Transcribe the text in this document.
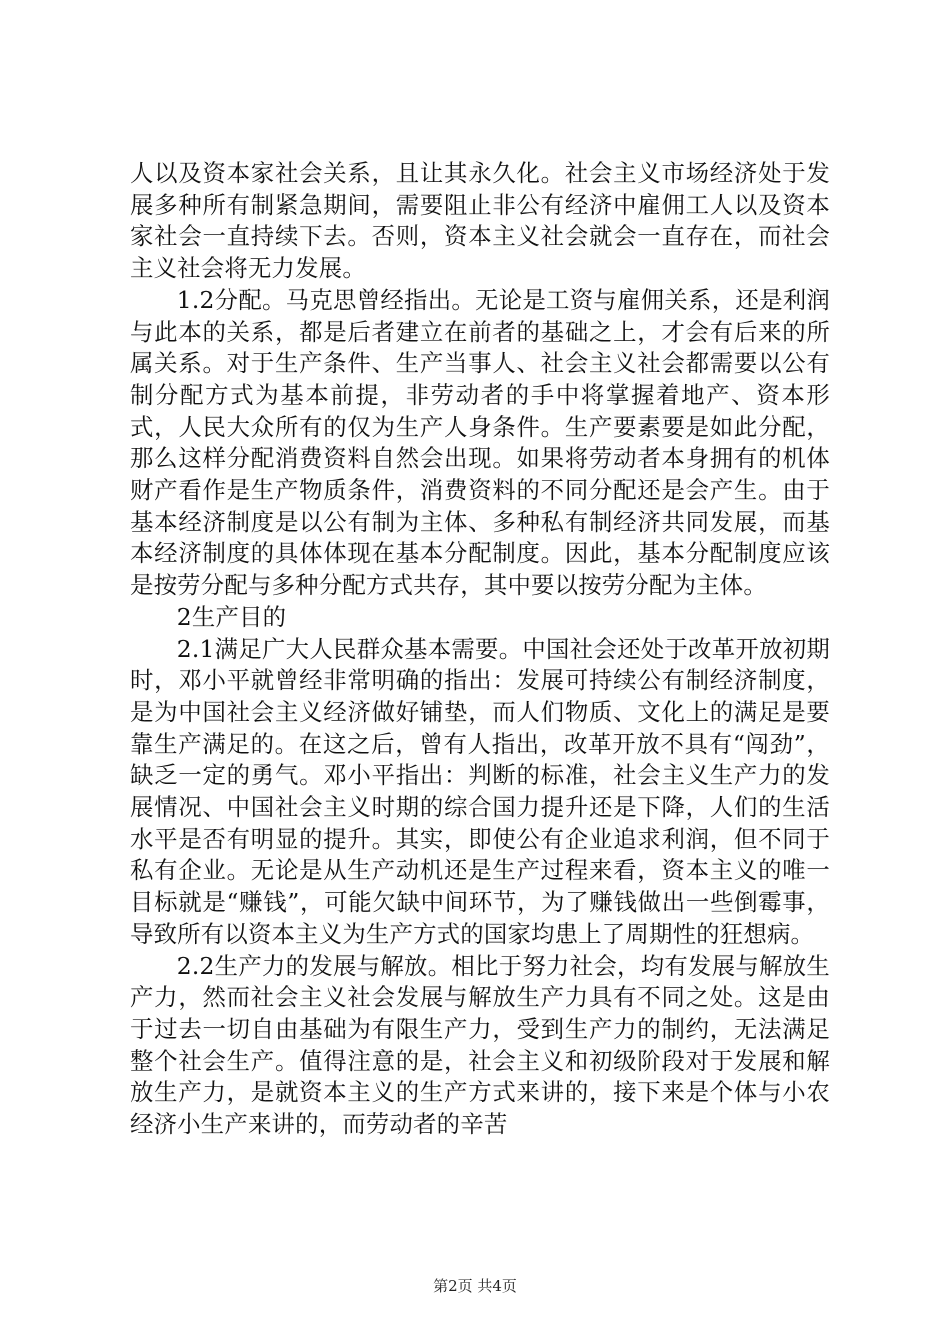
人以及资本家社会关系，且让其永久化。社会主义市场经济处于发展多种所有制紧急期间，需要阻止非公有经济中雇佣工人以及资本家社会一直持续下去。否则，资本主义社会就会一直存在，而社会主义社会将无力发展。

1.2分配。马克思曾经指出。无论是工资与雇佣关系，还是利润与此本的关系，都是后者建立在前者的基础之上，才会有后来的所属关系。对于生产条件、生产当事人、社会主义社会都需要以公有制分配方式为基本前提，非劳动者的手中将掌握着地产、资本形式，人民大众所有的仅为生产人身条件。生产要素要是如此分配，那么这样分配消费资料自然会出现。如果将劳动者本身拥有的机体财产看作是生产物质条件，消费资料的不同分配还是会产生。由于基本经济制度是以公有制为主体、多种私有制经济共同发展，而基本经济制度的具体体现在基本分配制度。因此，基本分配制度应该是按劳分配与多种分配方式共存，其中要以按劳分配为主体。

2生产目的

2.1满足广大人民群众基本需要。中国社会还处于改革开放初期时，邓小平就曾经非常明确的指出：发展可持续公有制经济制度，是为中国社会主义经济做好铺垫，而人们物质、文化上的满足是要靠生产满足的。在这之后，曾有人指出，改革开放不具有“闯劲”，缺乏一定的勇气。邓小平指出：判断的标准，社会主义生产力的发展情况、中国社会主义时期的综合国力提升还是下降，人们的生活水平是否有明显的提升。其实，即使公有企业追求利润，但不同于私有企业。无论是从生产动机还是生产过程来看，资本主义的唯一目标就是“赚钱”，可能欠缺中间环节，为了赚钱做出一些倒霉事，导致所有以资本主义为生产方式的国家均患上了周期性的狂想病。

2.2生产力的发展与解放。相比于努力社会，均有发展与解放生产力，然而社会主义社会发展与解放生产力具有不同之处。这是由于过去一切自由基础为有限生产力，受到生产力的制约，无法满足整个社会生产。值得注意的是，社会主义和初级阶段对于发展和解放生产力，是就资本主义的生产方式来讲的，接下来是个体与小农经济小生产来讲的，而劳动者的辛苦

第2页 共4页
